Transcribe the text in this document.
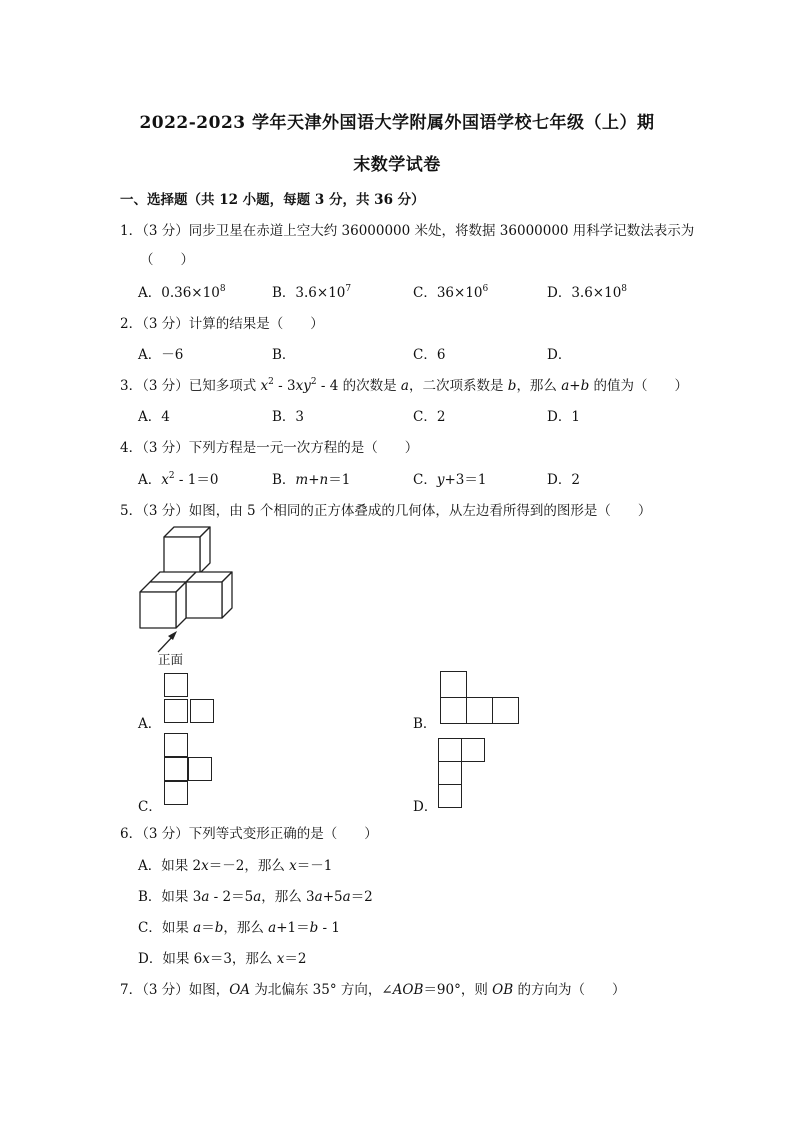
2022-2023 学年天津外国语大学附属外国语学校七年级（上）期
末数学试卷
一、选择题（共 12 小题，每题 3 分，共 36 分）
1．（3 分）同步卫星在赤道上空大约 36000000 米处，将数据 36000000 用科学记数法表示为
（　　）
A．$0.36\times 10^8$	B．$3.6\times 10^7$	C．$36\times 10^6$	D．$3.6\times 10^8$
2．（3 分）计算的结果是（　　）
A．－6	B．	C．6	D．
3．（3 分）已知多项式 $x^2 - 3xy^2 - 4$ 的次数是 a，二次项系数是 b，那么 a+b 的值为（　　）
A．4	B．3	C．2	D．1
4．（3 分）下列方程是一元一次方程的是（　　）
A．$x^2 - 1=0$	B．m+n＝1	C．y+3＝1	D．2
5．（3 分）如图，由 5 个相同的正方体叠成的几何体，从左边看所得到的图形是（　　）
正面
A．	B．
C．	D．
6．（3 分）下列等式变形正确的是（　　）
A．如果 2x＝－2，那么 x＝－1
B．如果 3a - 2＝5a，那么 3a+5a＝2
C．如果 a＝b，那么 a+1＝b - 1
D．如果 6x＝3，那么 x＝2
7．（3 分）如图，OA 为北偏东 35° 方向，∠AOB＝90°，则 OB 的方向为（　　）
